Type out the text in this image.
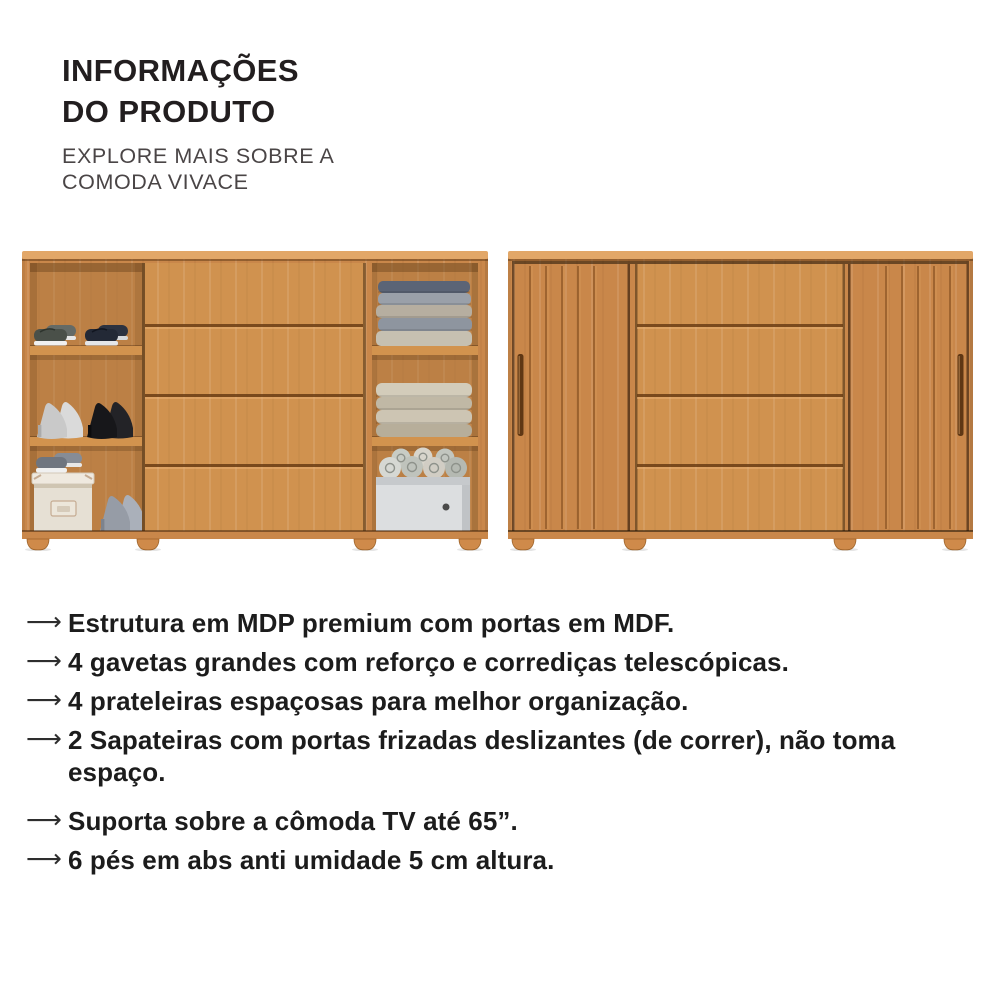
INFORMAÇÕES
DO PRODUTO
EXPLORE MAIS SOBRE A
COMODA VIVACE
⟶ Estrutura em MDP premium com portas em MDF.
⟶ 4 gavetas grandes com reforço e corrediças telescópicas.
⟶ 4 prateleiras espaçosas para melhor organização.
⟶ 2 Sapateiras com portas frizadas deslizantes (de correr), não toma espaço.
⟶ Suporta sobre a cômoda TV até 65”.
⟶ 6 pés em abs anti umidade 5 cm altura.
